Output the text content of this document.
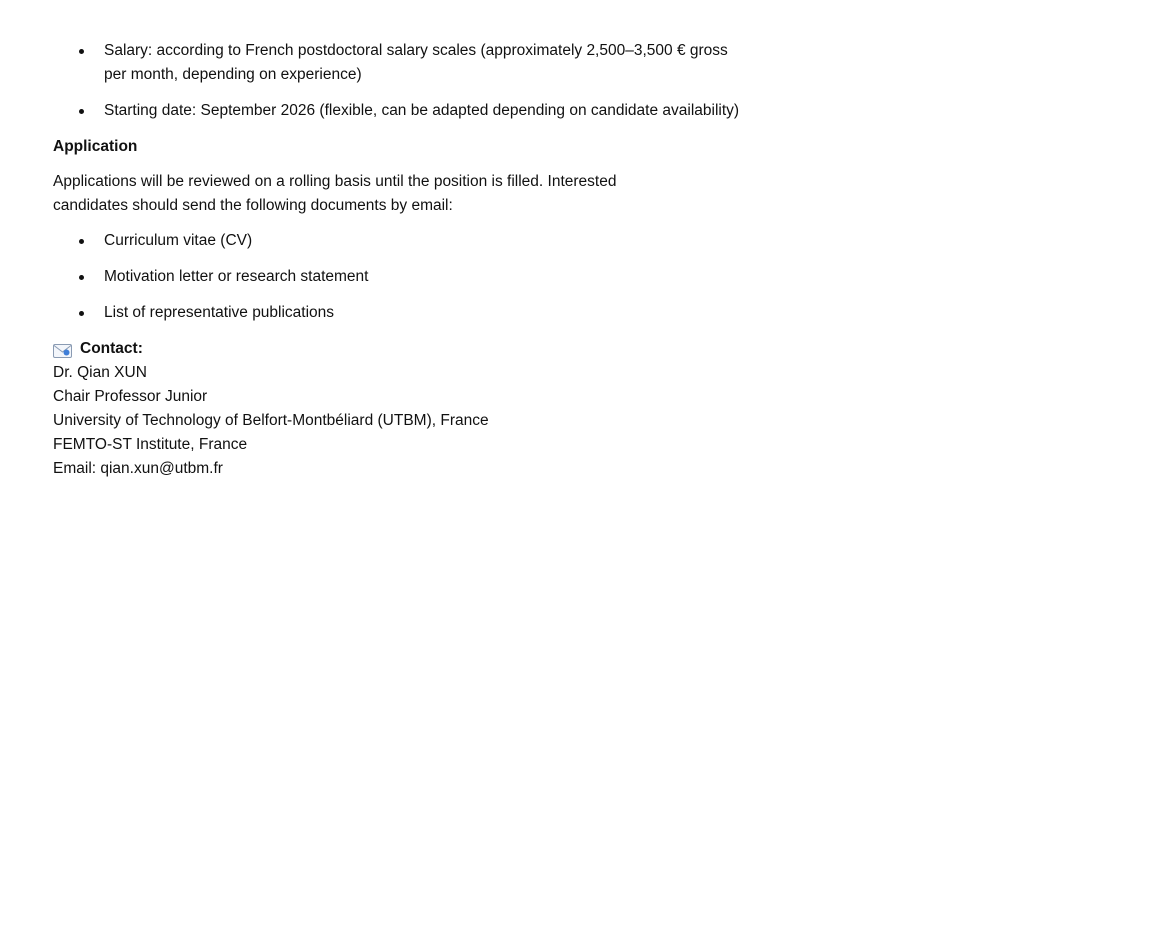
Salary: according to French postdoctoral salary scales (approximately 2,500–3,500 € gross per month, depending on experience)
Starting date: September 2026 (flexible, can be adapted depending on candidate availability)
Application
Applications will be reviewed on a rolling basis until the position is filled. Interested candidates should send the following documents by email:
Curriculum vitae (CV)
Motivation letter or research statement
List of representative publications
Contact:
Dr. Qian XUN
Chair Professor Junior
University of Technology of Belfort-Montbéliard (UTBM), France
FEMTO-ST Institute, France
Email: qian.xun@utbm.fr
